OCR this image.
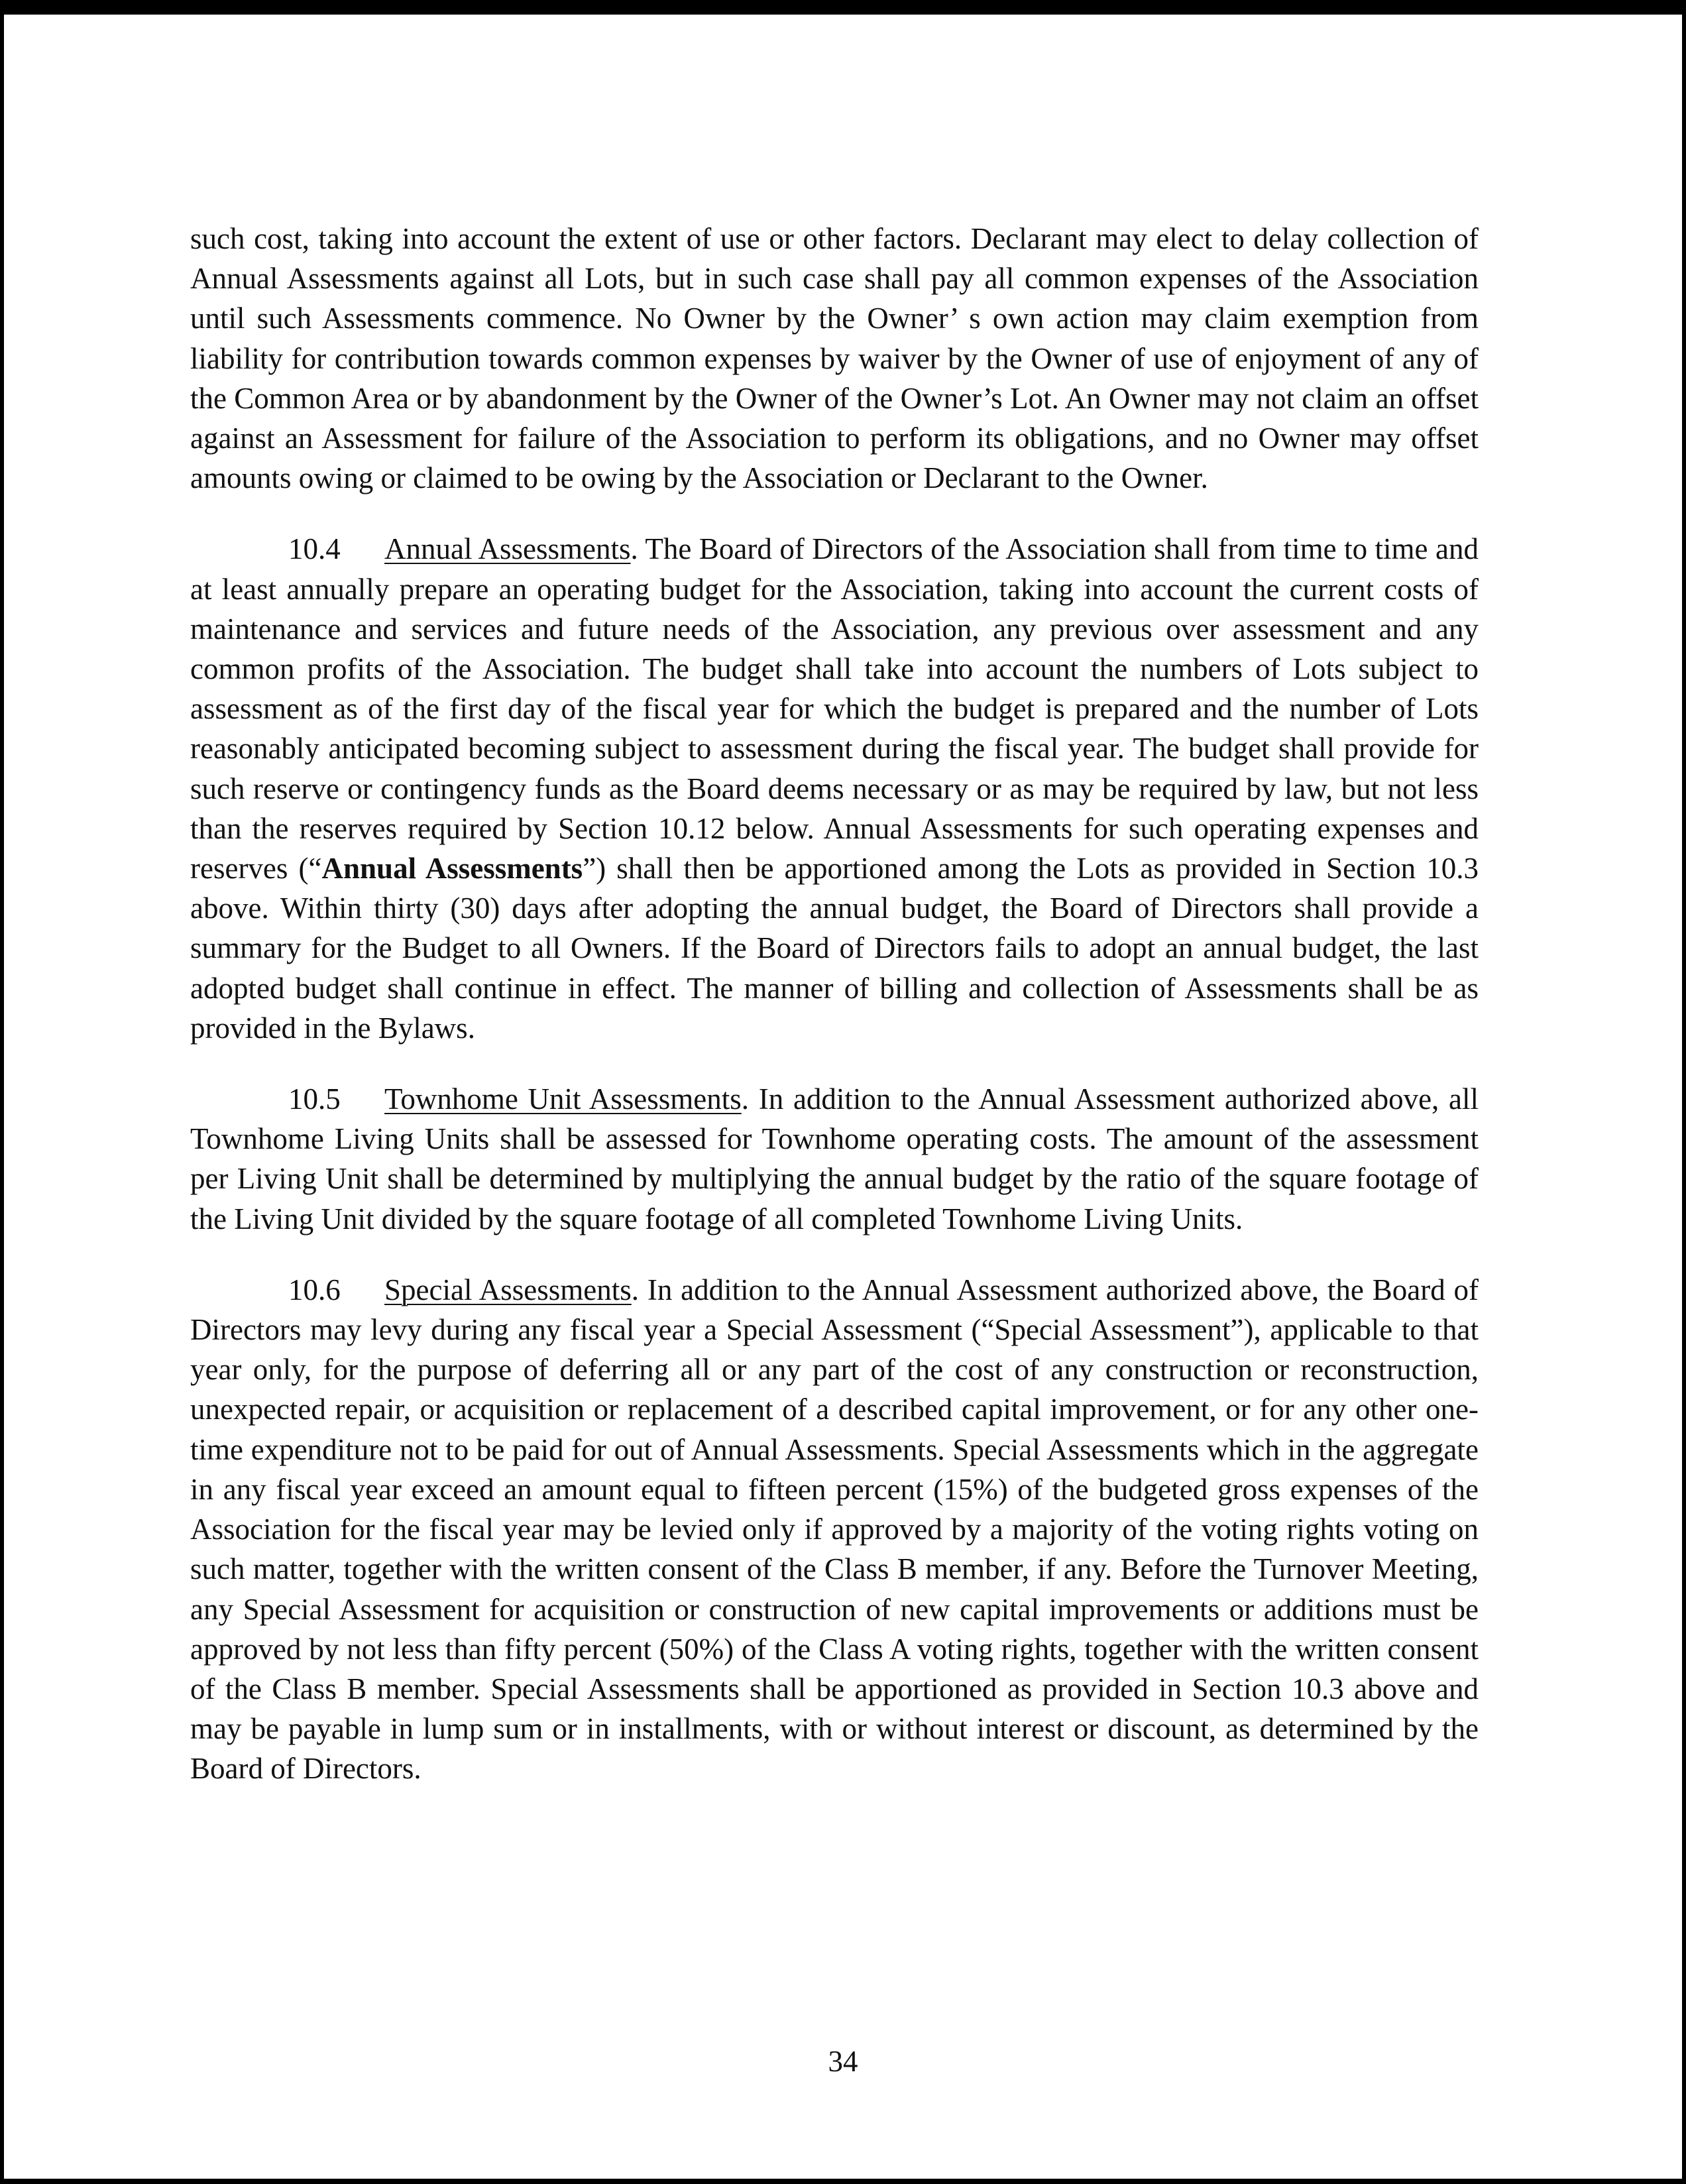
such cost, taking into account the extent of use or other factors. Declarant may elect to delay collection of Annual Assessments against all Lots, but in such case shall pay all common expenses of the Association until such Assessments commence. No Owner by the Owner’ s own action may claim exemption from liability for contribution towards common expenses by waiver by the Owner of use of enjoyment of any of the Common Area or by abandonment by the Owner of the Owner’s Lot. An Owner may not claim an offset against an Assessment for failure of the Association to perform its obligations, and no Owner may offset amounts owing or claimed to be owing by the Association or Declarant to the Owner.

10.4 Annual Assessments. The Board of Directors of the Association shall from time to time and at least annually prepare an operating budget for the Association, taking into account the current costs of maintenance and services and future needs of the Association, any previous over assessment and any common profits of the Association. The budget shall take into account the numbers of Lots subject to assessment as of the first day of the fiscal year for which the budget is prepared and the number of Lots reasonably anticipated becoming subject to assessment during the fiscal year. The budget shall provide for such reserve or contingency funds as the Board deems necessary or as may be required by law, but not less than the reserves required by Section 10.12 below. Annual Assessments for such operating expenses and reserves (“Annual Assessments”) shall then be apportioned among the Lots as provided in Section 10.3 above. Within thirty (30) days after adopting the annual budget, the Board of Directors shall provide a summary for the Budget to all Owners. If the Board of Directors fails to adopt an annual budget, the last adopted budget shall continue in effect. The manner of billing and collection of Assessments shall be as provided in the Bylaws.

10.5 Townhome Unit Assessments. In addition to the Annual Assessment authorized above, all Townhome Living Units shall be assessed for Townhome operating costs. The amount of the assessment per Living Unit shall be determined by multiplying the annual budget by the ratio of the square footage of the Living Unit divided by the square footage of all completed Townhome Living Units.

10.6 Special Assessments. In addition to the Annual Assessment authorized above, the Board of Directors may levy during any fiscal year a Special Assessment (“Special Assessment”), applicable to that year only, for the purpose of deferring all or any part of the cost of any construction or reconstruction, unexpected repair, or acquisition or replacement of a described capital improvement, or for any other one-time expenditure not to be paid for out of Annual Assessments. Special Assessments which in the aggregate in any fiscal year exceed an amount equal to fifteen percent (15%) of the budgeted gross expenses of the Association for the fiscal year may be levied only if approved by a majority of the voting rights voting on such matter, together with the written consent of the Class B member, if any. Before the Turnover Meeting, any Special Assessment for acquisition or construction of new capital improvements or additions must be approved by not less than fifty percent (50%) of the Class A voting rights, together with the written consent of the Class B member. Special Assessments shall be apportioned as provided in Section 10.3 above and may be payable in lump sum or in installments, with or without interest or discount, as determined by the Board of Directors.

34
